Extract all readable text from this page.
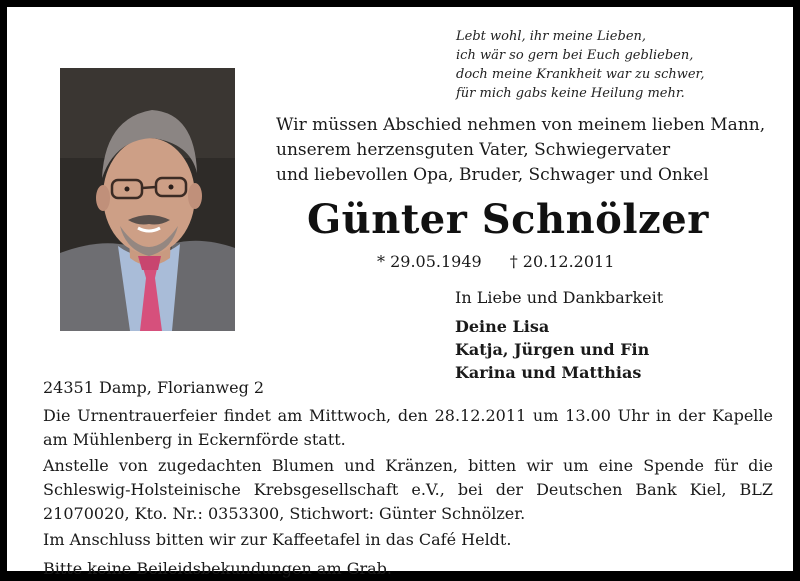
Lebt wohl, ihr meine Lieben,
ich wär so gern bei Euch geblieben,
doch meine Krankheit war zu schwer,
für mich gabs keine Heilung mehr.
Wir müssen Abschied nehmen von meinem lieben Mann,
unserem herzensguten Vater, Schwiegervater
und liebevollen Opa, Bruder, Schwager und Onkel
Günter Schnölzer
* 29.05.1949 † 20.12.2011
In Liebe und Dankbarkeit
Deine Lisa
Katja, Jürgen und Fin
Karina und Matthias

24351 Damp, Florianweg 2

Die Urnentrauerfeier findet am Mittwoch, den 28.12.2011 um 13.00 Uhr in der Kapelle am Mühlenberg in Eckernförde statt.

Anstelle von zugedachten Blumen und Kränzen, bitten wir um eine Spende für die Schleswig-Holsteinische Krebsgesellschaft e.V., bei der Deutschen Bank Kiel, BLZ 21070020, Kto. Nr.: 0353300, Stichwort: Günter Schnölzer.

Im Anschluss bitten wir zur Kaffeetafel in das Café Heldt.

Bitte keine Beileidsbekundungen am Grab.
